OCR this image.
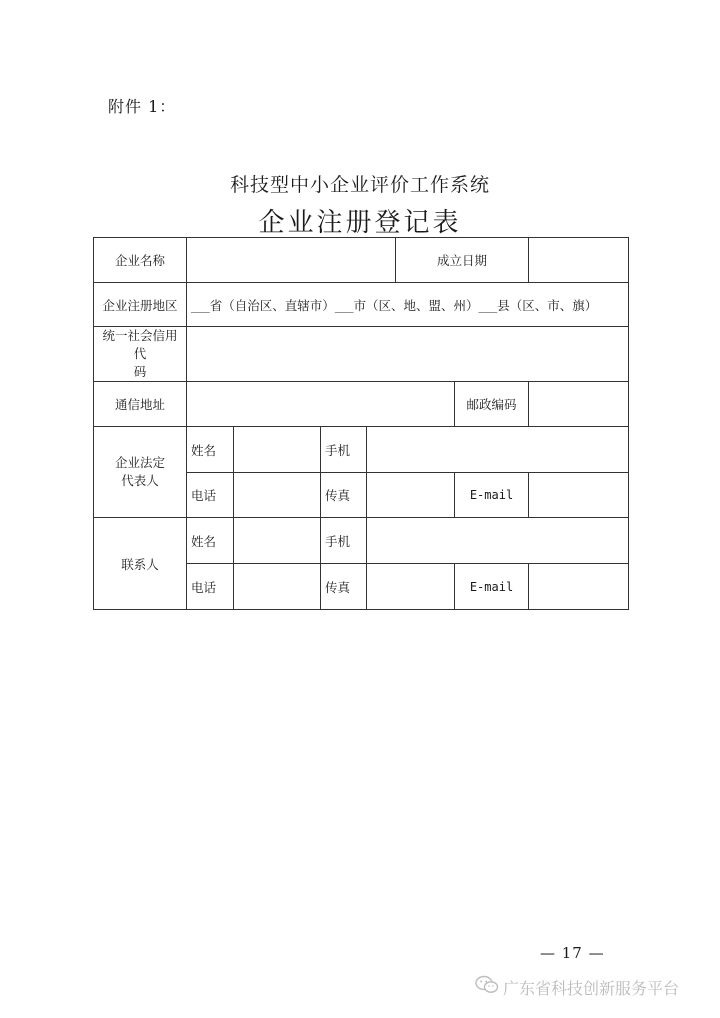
附件 1：
科技型中小企业评价工作系统
企业注册登记表
企业名称					成立日期		
企业注册地区	___省（自治区、直辖市）___市（区、地、盟、州）___县（区、市、旗）						
统一社会信用代
码							
通信地址						邮政编码	
企业法定
代表人	姓名		手机				
	电话		传真			E-mail	
联系人	姓名		手机				
	电话		传真			E-mail	
— 17 —
广东省科技创新服务平台
